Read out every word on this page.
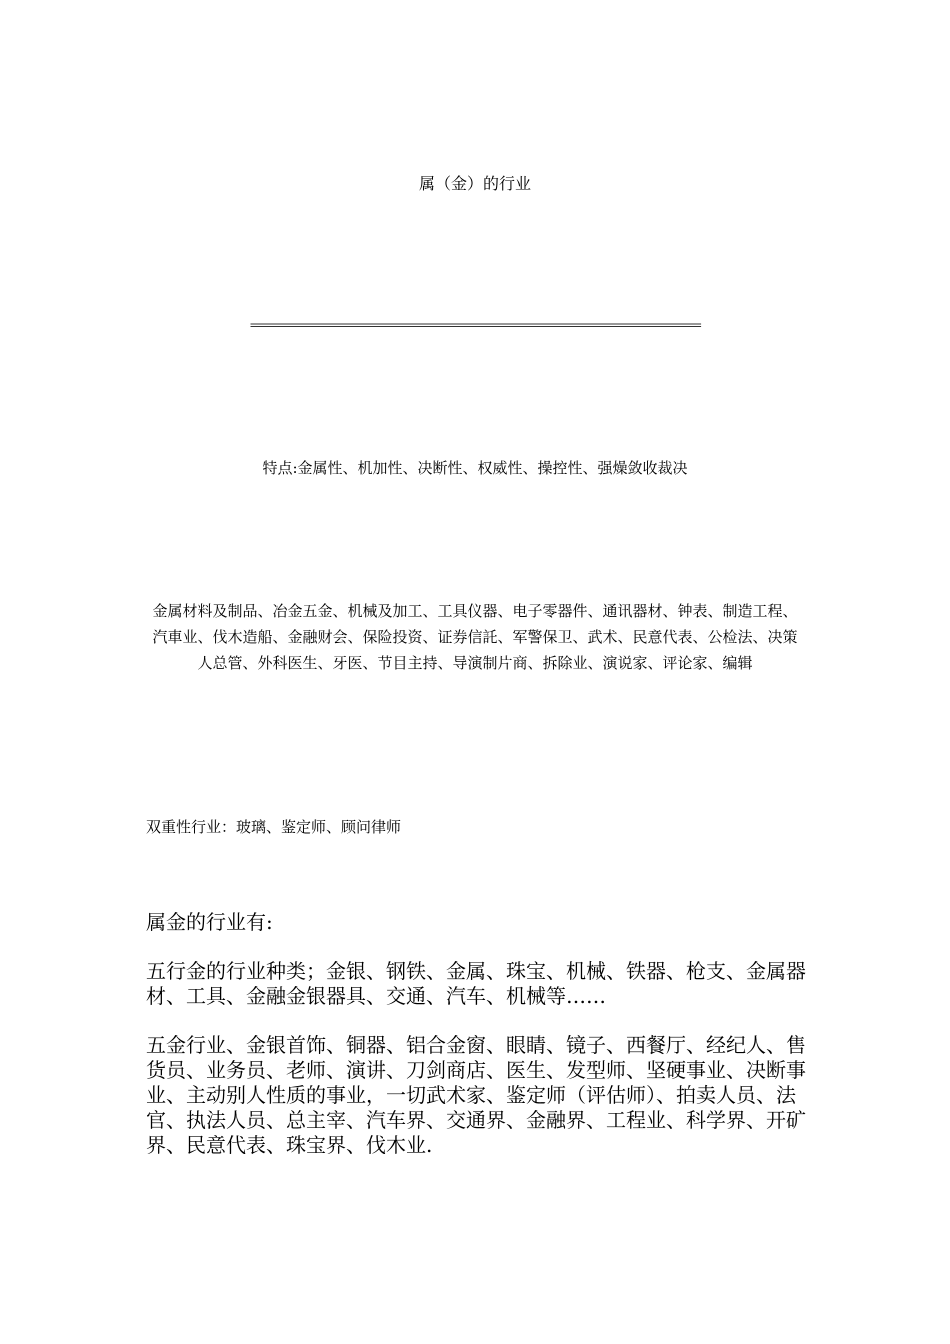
属（金）的行业
================================================================================
特点:金属性、机加性、决断性、权威性、操控性、强燥敛收裁决
金属材料及制品、冶金五金、机械及加工、工具仪器、电子零器件、通讯器材、钟表、制造工程、汽車业、伐木造船、金融财会、保险投资、证券信託、军警保卫、武术、民意代表、公检法、决策人总管、外科医生、牙医、节目主持、导演制片商、拆除业、演说家、评论家、编辑
双重性行业：玻璃、鉴定师、顾问律师
属金的行业有:
五行金的行业种类；金银、钢铁、金属、珠宝、机械、铁器、枪支、金属器材、工具、金融金银器具、交通、汽车、机械等……
五金行业、金银首饰、铜器、铝合金窗、眼睛、镜子、西餐厅、经纪人、售货员、业务员、老师、演讲、刀剑商店、医生、发型师、坚硬事业、决断事业、主动别人性质的事业，一切武术家、鉴定师（评估师）、拍卖人员、法官、执法人员、总主宰、汽车界、交通界、金融界、工程业、科学界、开矿界、民意代表、珠宝界、伐木业.
